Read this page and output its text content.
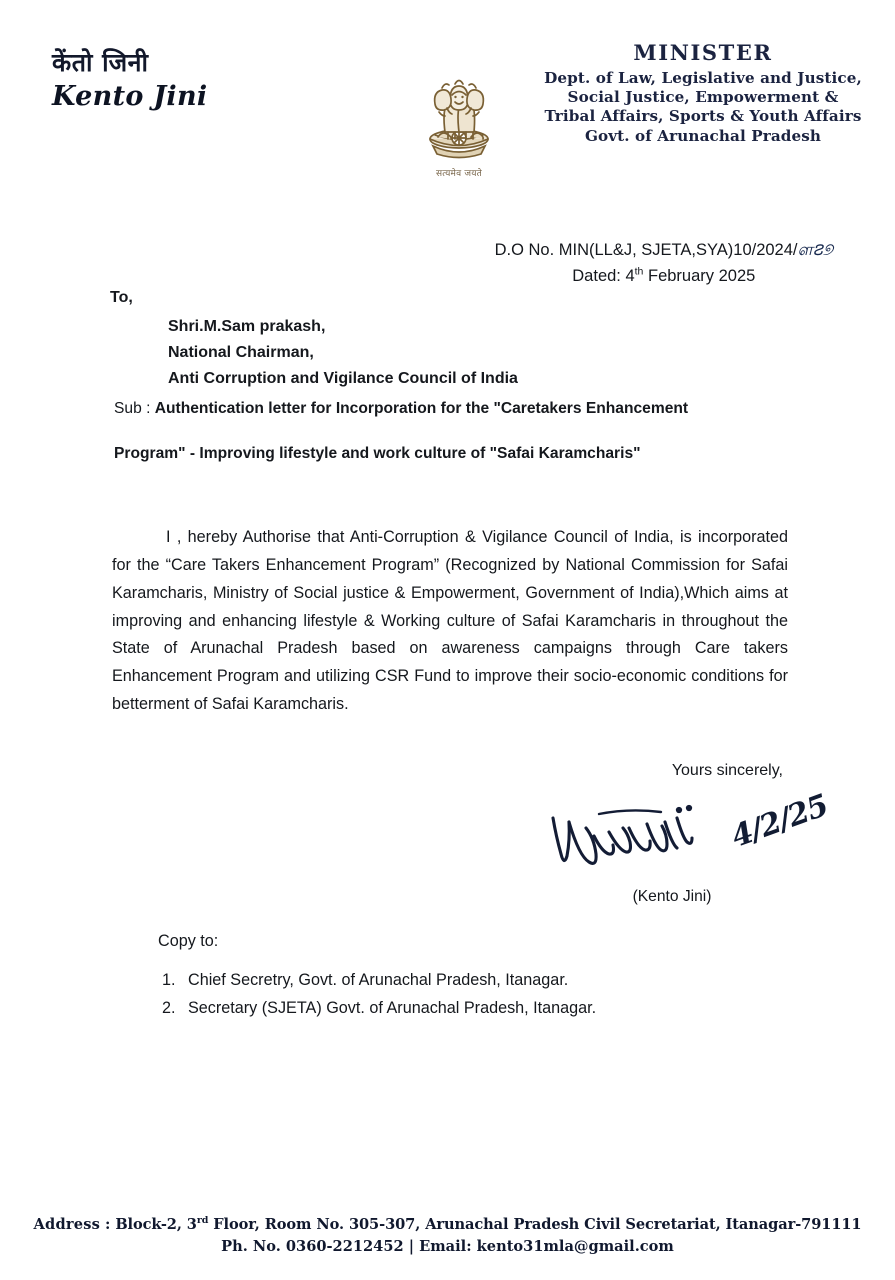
केंतो जिनी
Kento Jini
सत्यमेव जयते
MINISTER
Dept. of Law, Legislative and Justice,
Social Justice, Empowerment &
Tribal Affairs, Sports & Youth Affairs
Govt. of Arunachal Pradesh
D.O No. MIN(LL&J, SJETA,SYA)10/2024/ள౭୭
Dated: 4th February 2025
To,
Shri.M.Sam prakash,
National Chairman,
Anti Corruption and Vigilance Council of India
Sub : Authentication letter for Incorporation for the "Caretakers Enhancement
Program" - Improving lifestyle and work culture of "Safai Karamcharis"
I , hereby Authorise that Anti-Corruption & Vigilance Council of India, is incorporated for the “Care Takers Enhancement Program” (Recognized by National Commission for Safai Karamcharis, Ministry of Social justice & Empowerment, Government of India),Which aims at improving and enhancing lifestyle & Working culture of Safai Karamcharis in throughout the State of Arunachal Pradesh based on awareness campaigns through Care takers Enhancement Program and utilizing CSR Fund to improve their socio-economic conditions for betterment of Safai Karamcharis.
Yours sincerely,
4/2/25
(Kento Jini)
Copy to:
1. Chief Secretry, Govt. of Arunachal Pradesh, Itanagar.
2. Secretary (SJETA) Govt. of Arunachal Pradesh, Itanagar.
Address : Block-2, 3rd Floor, Room No. 305-307, Arunachal Pradesh Civil Secretariat, Itanagar-791111
Ph. No. 0360-2212452 | Email: kento31mla@gmail.com
